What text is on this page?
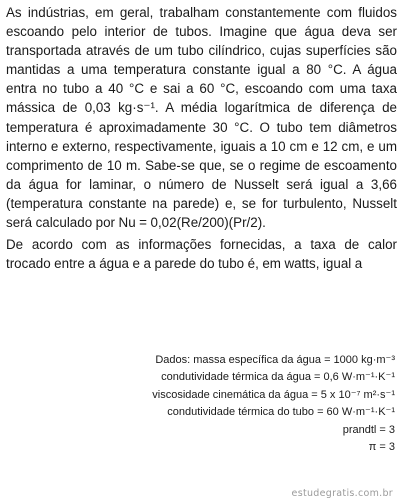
As indústrias, em geral, trabalham constantemente com fluidos escoando pelo interior de tubos. Imagine que água deva ser transportada através de um tubo cilíndrico, cujas superfícies são mantidas a uma temperatura constante igual a 80 °C. A água entra no tubo a 40 °C e sai a 60 °C, escoando com uma taxa mássica de 0,03 kg·s⁻¹. A média logarítmica de diferença de temperatura é aproximadamente 30 °C. O tubo tem diâmetros interno e externo, respectivamente, iguais a 10 cm e 12 cm, e um comprimento de 10 m. Sabe-se que, se o regime de escoamento da água for laminar, o número de Nusselt será igual a 3,66 (temperatura constante na parede) e, se for turbulento, Nusselt será calculado por Nu = 0,02(Re/200)(Pr/2).

De acordo com as informações fornecidas, a taxa de calor trocado entre a água e a parede do tubo é, em watts, igual a

Dados: massa específica da água = 1000 kg·m⁻³
condutividade térmica da água = 0,6 W·m⁻¹·K⁻¹
viscosidade cinemática da água = 5 x 10⁻⁷ m²·s⁻¹
condutividade térmica do tubo = 60 W·m⁻¹·K⁻¹
prandtl = 3
π = 3
estudegratis.com.br
